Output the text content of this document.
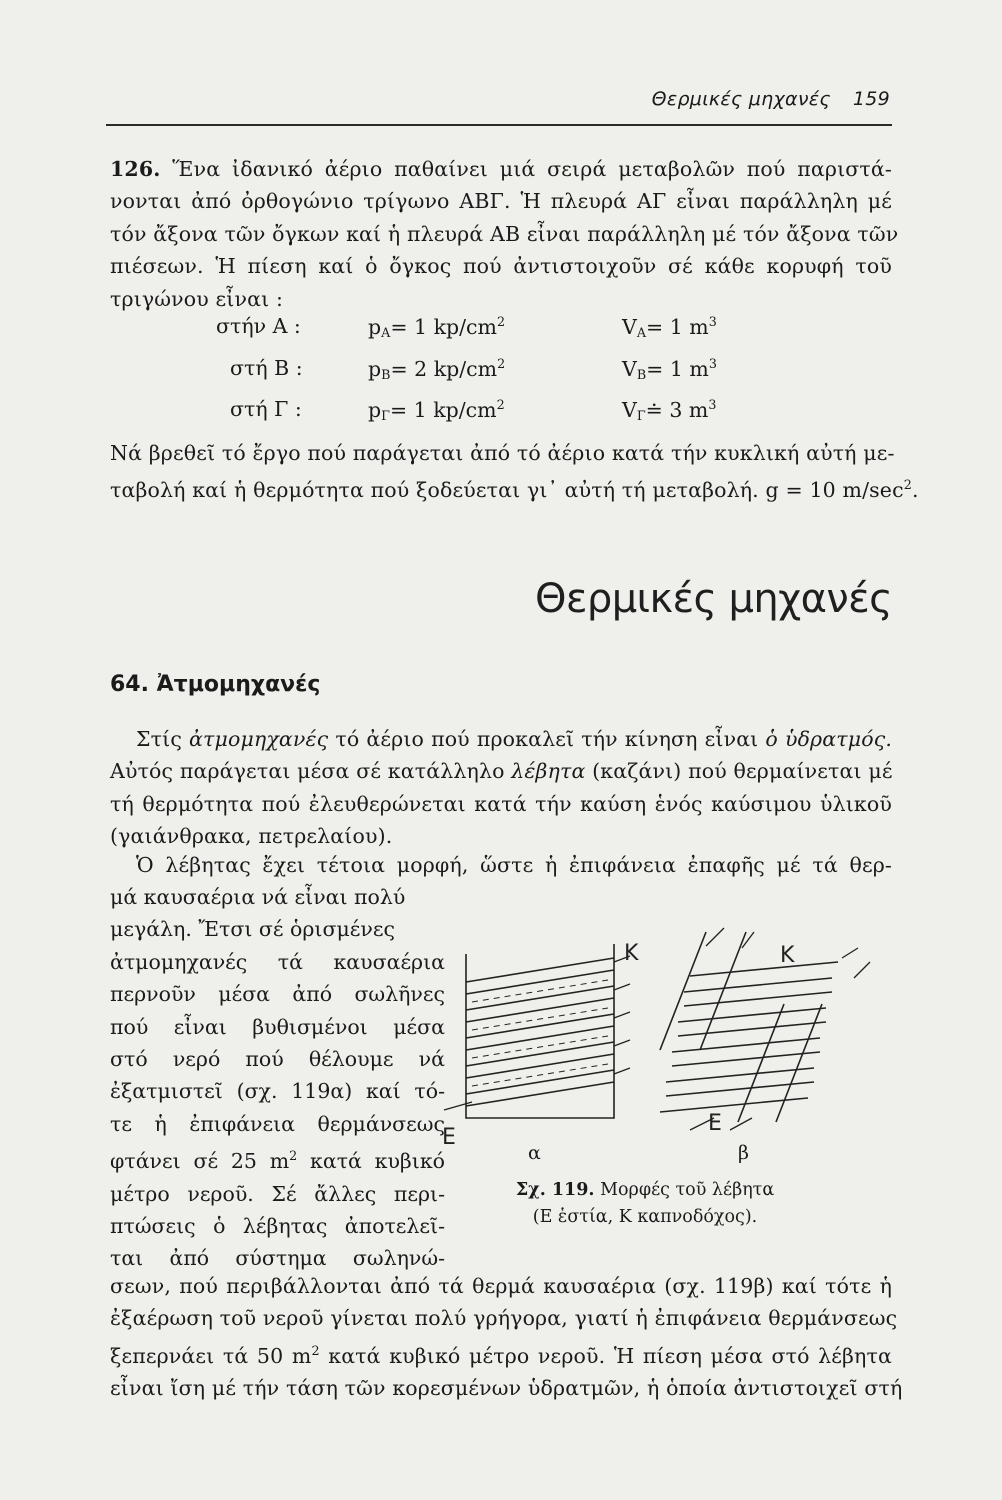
Θερμικές μηχανές 159
126. Ἕνα ἰδανικό ἀέριο παθαίνει μιά σειρά μεταβολῶν πού παριστά-
νονται ἀπό ὀρθογώνιο τρίγωνο ΑΒΓ. Ἡ πλευρά ΑΓ εἶναι παράλληλη μέ
τόν ἄξονα τῶν ὄγκων καί ἡ πλευρά ΑΒ εἶναι παράλληλη μέ τόν ἄξονα τῶν
πιέσεων. Ἡ πίεση καί ὁ ὄγκος πού ἀντιστοιχοῦν σέ κάθε κορυφή τοῦ
τριγώνου εἶναι :
στήν Α :	$p_A= 1$ $kp/cm^2$	$V_A= 1$ $m^3$
στή Β :	$p_B= 2$ $kp/cm^2$	$V_B= 1$ $m^3$
στή Γ :	$p_\Gamma= 1$ $kp/cm^2$	$V_\Gamma≐$ 3 $m^3$
Νά βρεθεῖ τό ἔργο πού παράγεται ἀπό τό ἀέριο κατά τήν κυκλική αὐτή με-
ταβολή καί ἡ θερμότητα πού ξοδεύεται γι᾿ αὐτή τή μεταβολή. g = 10 $m/\sec^2$.
Θερμικές μηχανές
64. Ἀτμομηχανές
Στίς ἀτμομηχανές τό ἀέριο πού προκαλεῖ τήν κίνηση εἶναι ὁ ὑδρατμός.
Αὐτός παράγεται μέσα σέ κατάλληλο λέβητα (καζάνι) πού θερμαίνεται μέ
τή θερμότητα πού ἐλευθερώνεται κατά τήν καύση ἑνός καύσιμου ὑλικοῦ
(γαιάνθρακα, πετρελαίου).
Ὁ λέβητας ἔχει τέτοια μορφή, ὥστε ἡ ἐπιφάνεια ἐπαφῆς μέ τά θερ-
μά καυσαέρια νά εἶναι πολύ
μεγάλη. Ἔτσι σέ ὁρισμένες
ἀτμομηχανές τά καυσαέρια
περνοῦν μέσα ἀπό σωλῆνες
πού εἶναι βυθισμένοι μέσα
στό νερό πού θέλουμε νά
ἐξατμιστεῖ (σχ. 119α) καί τό-
τε ἡ ἐπιφάνεια θερμάνσεως
φτάνει σέ 25 $m^2$ κατά κυβικό
μέτρο νεροῦ. Σέ ἄλλες περι-
πτώσεις ὁ λέβητας ἀποτελεῖ-
ται ἀπό σύστημα σωληνώ-
σεων, πού περιβάλλονται ἀπό τά θερμά καυσαέρια (σχ. 119β) καί τότε ἡ
ἐξαέρωση τοῦ νεροῦ γίνεται πολύ γρήγορα, γιατί ἡ ἐπιφάνεια θερμάνσεως
ξεπερνάει τά 50 $m^2$ κατά κυβικό μέτρο νεροῦ. Ἡ πίεση μέσα στό λέβητα
εἶναι ἴση μέ τήν τάση τῶν κορεσμένων ὑδρατμῶν, ἡ ὁποία ἀντιστοιχεῖ στή
E
K	K
E
α	β
Σχ. 119. Μορφές τοῦ λέβητα
(Ε ἑστία, Κ καπνοδόχος).
